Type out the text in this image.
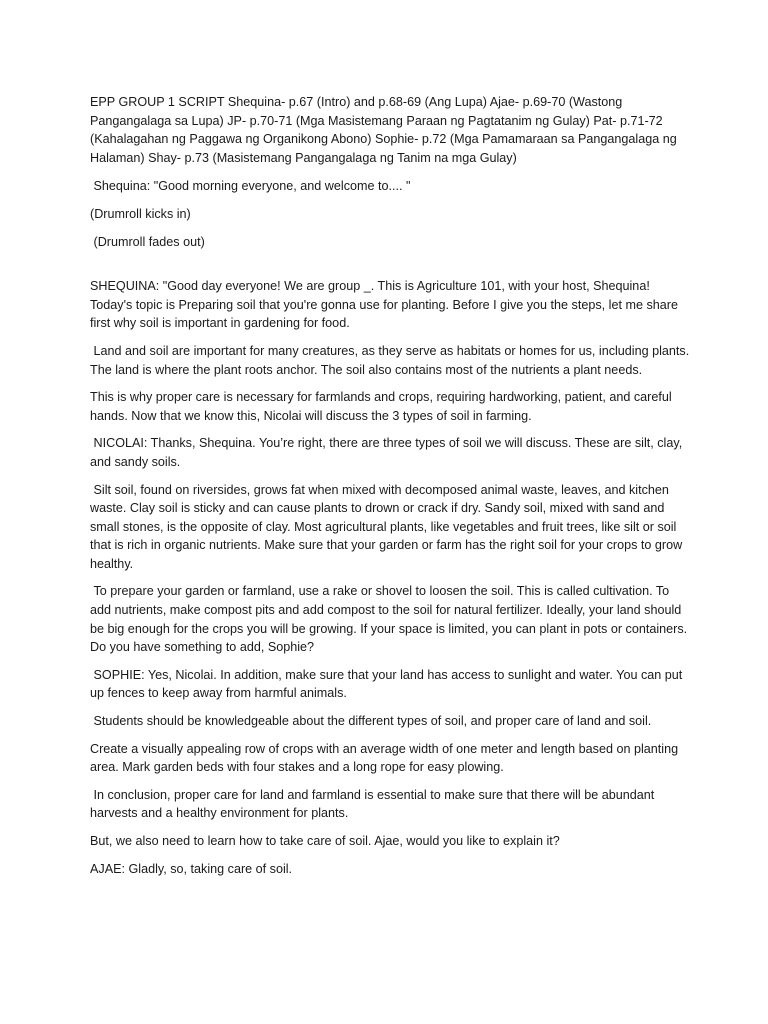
EPP GROUP 1 SCRIPT Shequina- p.67 (Intro) and p.68-69 (Ang Lupa) Ajae- p.69-70 (Wastong Pangangalaga sa Lupa) JP- p.70-71 (Mga Masistemang Paraan ng Pagtatanim ng Gulay) Pat- p.71-72 (Kahalagahan ng Paggawa ng Organikong Abono) Sophie- p.72 (Mga Pamamaraan sa Pangangalaga ng Halaman) Shay- p.73 (Masistemang Pangangalaga ng Tanim na mga Gulay)

Shequina: "Good morning everyone, and welcome to.... "

(Drumroll kicks in)

(Drumroll fades out)

SHEQUINA: "Good day everyone! We are group _. This is Agriculture 101, with your host, Shequina! Today's topic is Preparing soil that you're gonna use for planting. Before I give you the steps, let me share first why soil is important in gardening for food.

Land and soil are important for many creatures, as they serve as habitats or homes for us, including plants. The land is where the plant roots anchor. The soil also contains most of the nutrients a plant needs.

This is why proper care is necessary for farmlands and crops, requiring hardworking, patient, and careful hands. Now that we know this, Nicolai will discuss the 3 types of soil in farming.

NICOLAI: Thanks, Shequina. You’re right, there are three types of soil we will discuss. These are silt, clay, and sandy soils.

Silt soil, found on riversides, grows fat when mixed with decomposed animal waste, leaves, and kitchen waste. Clay soil is sticky and can cause plants to drown or crack if dry. Sandy soil, mixed with sand and small stones, is the opposite of clay. Most agricultural plants, like vegetables and fruit trees, like silt or soil that is rich in organic nutrients. Make sure that your garden or farm has the right soil for your crops to grow healthy.

To prepare your garden or farmland, use a rake or shovel to loosen the soil. This is called cultivation. To add nutrients, make compost pits and add compost to the soil for natural fertilizer. Ideally, your land should be big enough for the crops you will be growing. If your space is limited, you can plant in pots or containers. Do you have something to add, Sophie?

SOPHIE: Yes, Nicolai. In addition, make sure that your land has access to sunlight and water. You can put up fences to keep away from harmful animals.

Students should be knowledgeable about the different types of soil, and proper care of land and soil.

Create a visually appealing row of crops with an average width of one meter and length based on planting area. Mark garden beds with four stakes and a long rope for easy plowing.

In conclusion, proper care for land and farmland is essential to make sure that there will be abundant harvests and a healthy environment for plants.

But, we also need to learn how to take care of soil. Ajae, would you like to explain it?

AJAE: Gladly, so, taking care of soil.
